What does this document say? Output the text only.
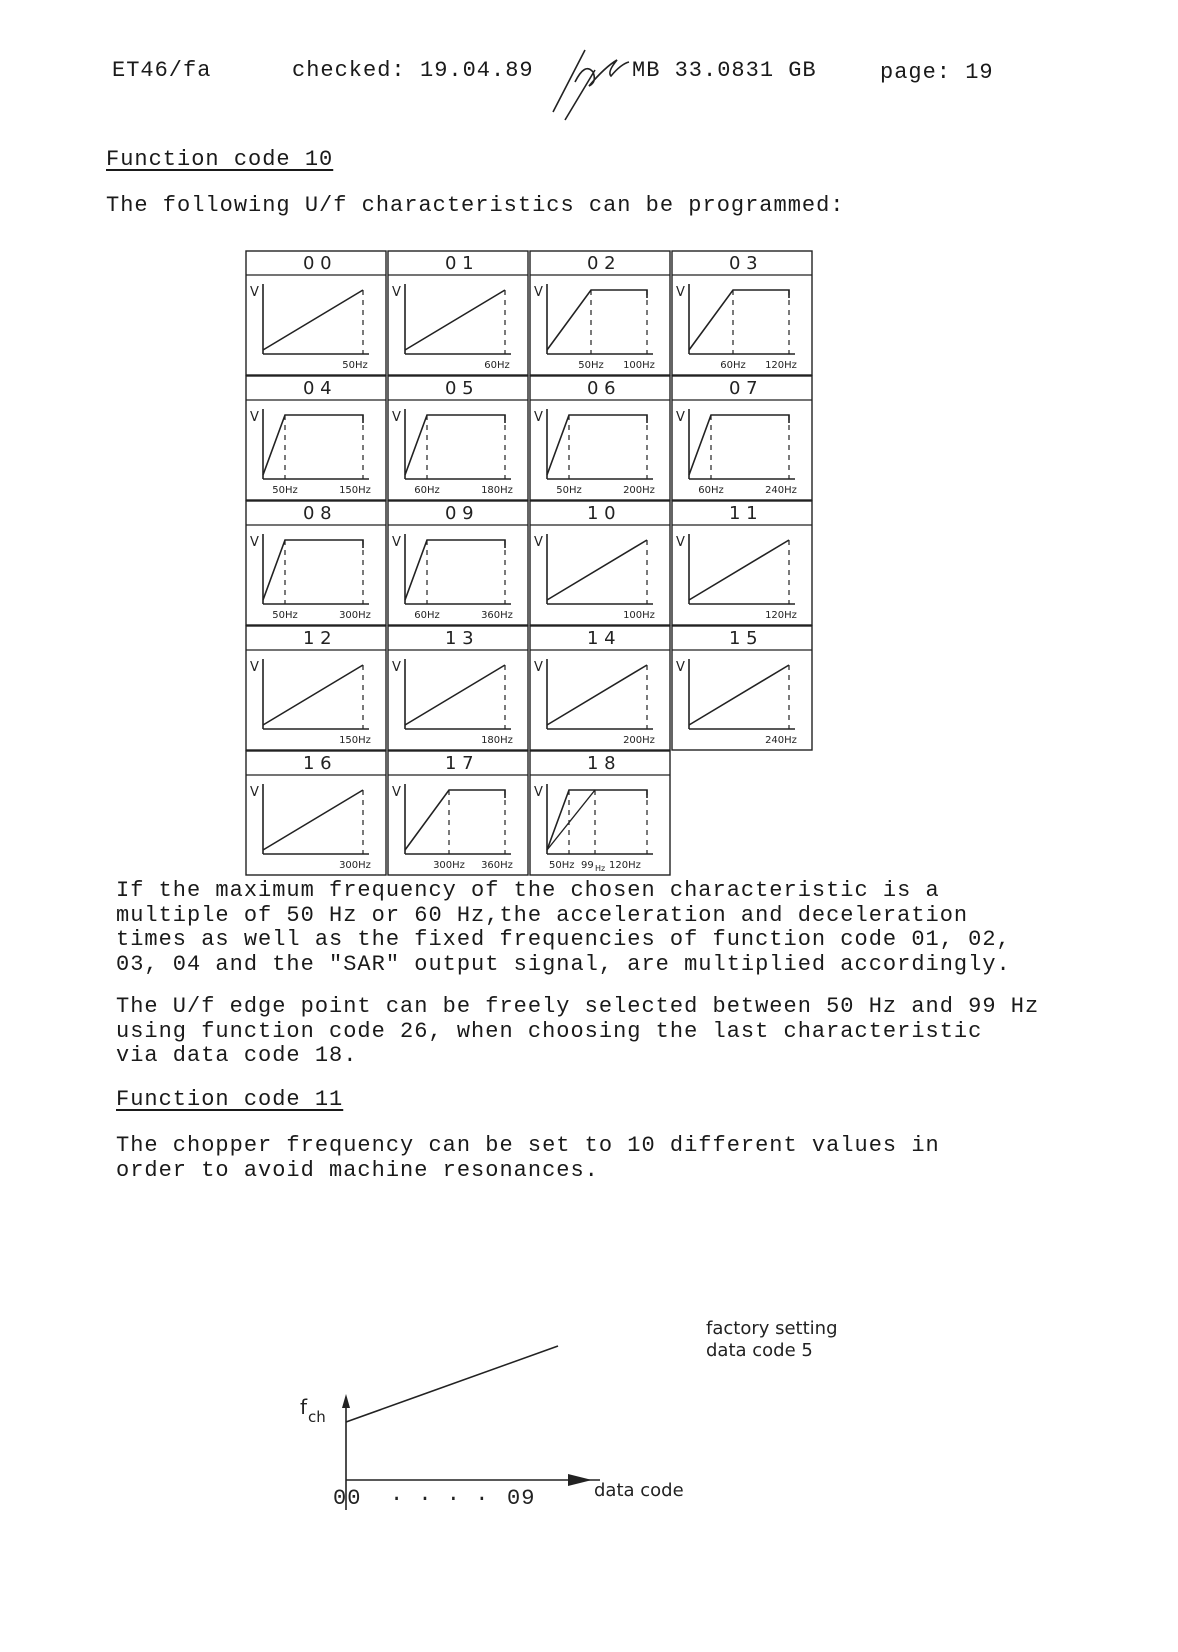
ET46/fa	checked: 19.04.89	MB 33.0831 GB	page: 19
Function code 10
The following U/f characteristics can be programmed:
0 0
V
50Hz
0 1
V
60Hz
0 2
V
50Hz 100Hz
0 3
V
60Hz 120Hz
0 4
V
50Hz	150Hz
0 5
V
60Hz	180Hz
0 6
V
50Hz	200Hz
0 7
V
60Hz	240Hz
0 8
V
50Hz	300Hz
0 9
V
60Hz	360Hz
1 0
V
100Hz
1 1
V
120Hz
1 2
V
150Hz
1 3
V
180Hz
1 4
V
200Hz
1 5
V
240Hz
1 6
V
300Hz
1 7
V
300Hz 360Hz
1 8
V
50Hz 99 Hz 120Hz
If the maximum frequency of the chosen characteristic is a
multiple of 50 Hz or 60 Hz,the acceleration and deceleration
times as well as the fixed frequencies of function code 01, 02,
03, 04 and the "SAR" output signal, are multiplied accordingly.
The U/f edge point can be freely selected between 50 Hz and 99 Hz
using function code 26, when choosing the last characteristic
via data code 18.
Function code 11
The chopper frequency can be set to 10 different values in
order to avoid machine resonances.
f ch
00 . . . . 09	data code
factory setting
data code 5
